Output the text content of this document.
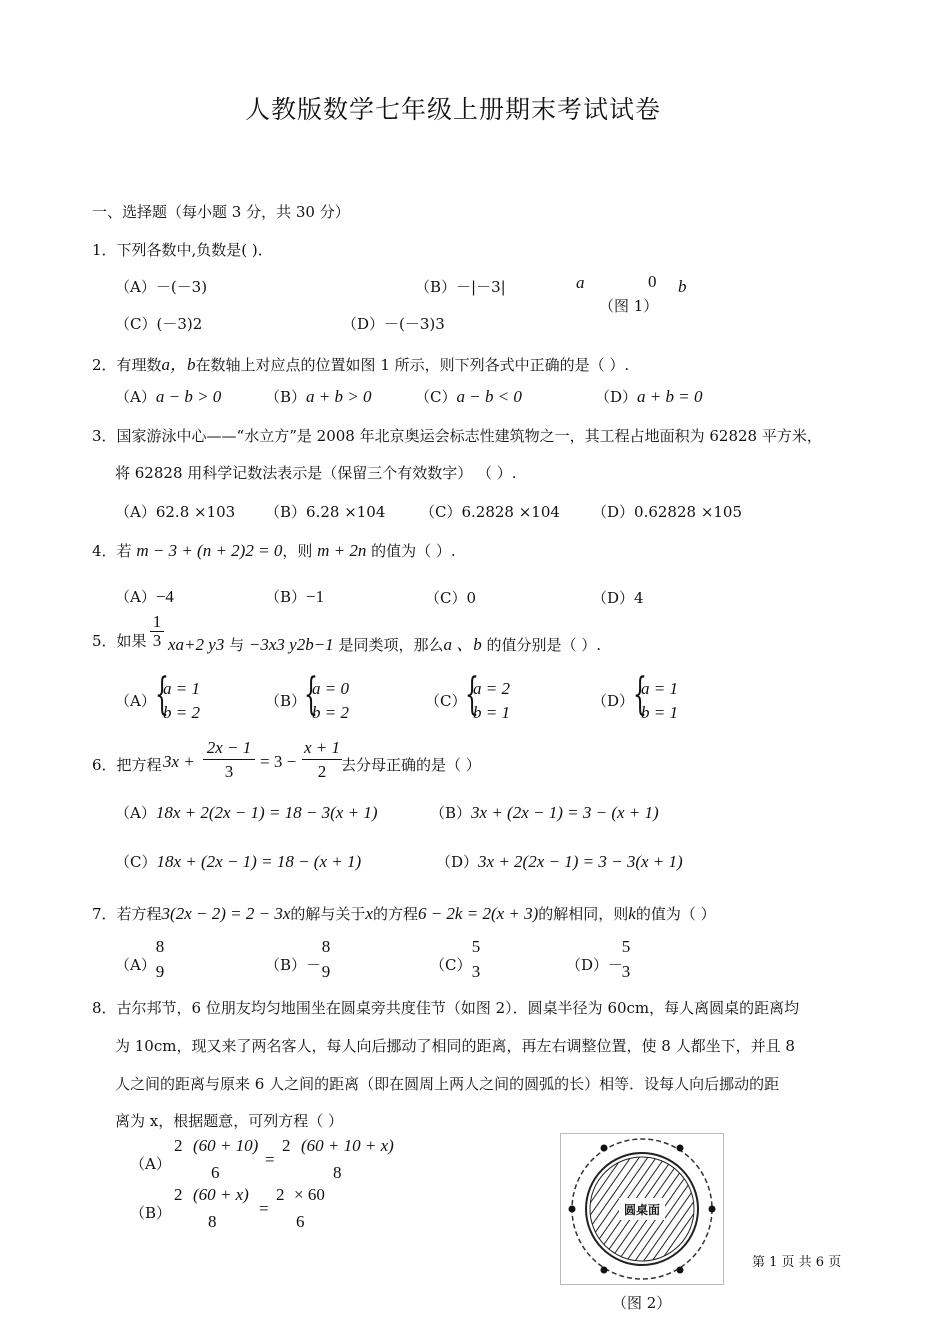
人教版数学七年级上册期末考试试卷
一、选择题（每小题 3 分，共 30 分）
1．下列各数中,负数是( )．
（A）－(－3)	（B）－|－3|
（C）(－3)2	（D）－(－3)3
a	0 b
（图 1）
2．有理数a，b在数轴上对应点的位置如图 1 所示，则下列各式中正确的是（ ）.
（A）a − b > 0	（B）a + b > 0	（C）a − b < 0	（D）a + b = 0
3．国家游泳中心——“水立方”是 2008 年北京奥运会标志性建筑物之一，其工程占地面积为 62828 平方米，
将 62828 用科学记数法表示是（保留三个有效数字） （ ）.
（A）62.8 ×103 （B）6.28 ×104 （C）6.2828 ×104 （D）0.62828 ×105
4．若 m − 3 + (n + 2)2 = 0，则 m + 2n 的值为（ ）.
（A）−4	（B）−1	（C）0	（D）4
5．如果 $\frac{1}{3} xa+2$ y3 与 −3x3 y2b−1 是同类项，那么a 、b 的值分别是（ ）.
（A） {
a = 1
b = 2
（B）
{
a = 0
b = 2
（C）
{
a = 2
b = 1
（D）
{
a = 1
b = 1
6．把方程 $3x + \frac{2x - 1}{3} = 3 - \frac{x + 1}{2}$ 去分母正确的是（ ）
（A）18x + 2(2x − 1) = 18 − 3(x + 1)	（B）3x + (2x − 1) = 3 − (x + 1)
（C）18x + (2x − 1) = 18 − (x + 1)	（D）3x + 2(2x − 1) = 3 − 3(x + 1)
7．若方程3(2x − 2) = 2 − 3x的解与关于x的方程6 − 2k = 2(x + 3)的解相同，则k的值为（ ）
（A）
8
9	（B）－
8
9	（C）
5
3	（D）－
5
3
8．古尔邦节，6 位朋友均匀地围坐在圆桌旁共度佳节（如图 2）．圆桌半径为 60cm，每人离圆桌的距离均
为 10cm，现又来了两名客人，每人向后挪动了相同的距离，再左右调整位置，使 8 人都坐下，并且 8
人之间的距离与原来 6 人之间的距离（即在圆周上两人之间的圆弧的长）相等．设每人向后挪动的距
离为 x，根据题意，可列方程（ ）
（A）
2 (60 + 10)
6
=
2 (60 + 10 + x)
8
（B）
2 (60 + x)
8
=
2 × 60
6
圆桌面
（图 2）
第 1 页 共 6 页
